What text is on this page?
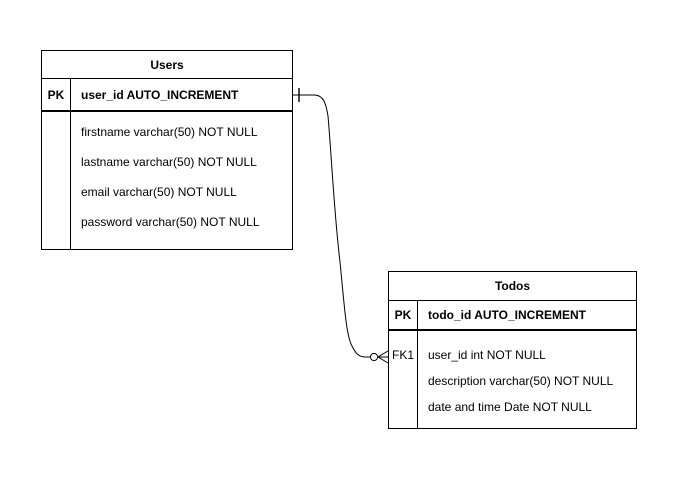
Users
PK	user_id AUTO_INCREMENT
firstname varchar(50) NOT NULL
lastname varchar(50) NOT NULL
email varchar(50) NOT NULL
password varchar(50) NOT NULL
Todos
PK	todo_id AUTO_INCREMENT
FK1	user_id int NOT NULL
description varchar(50) NOT NULL
date and time Date NOT NULL
